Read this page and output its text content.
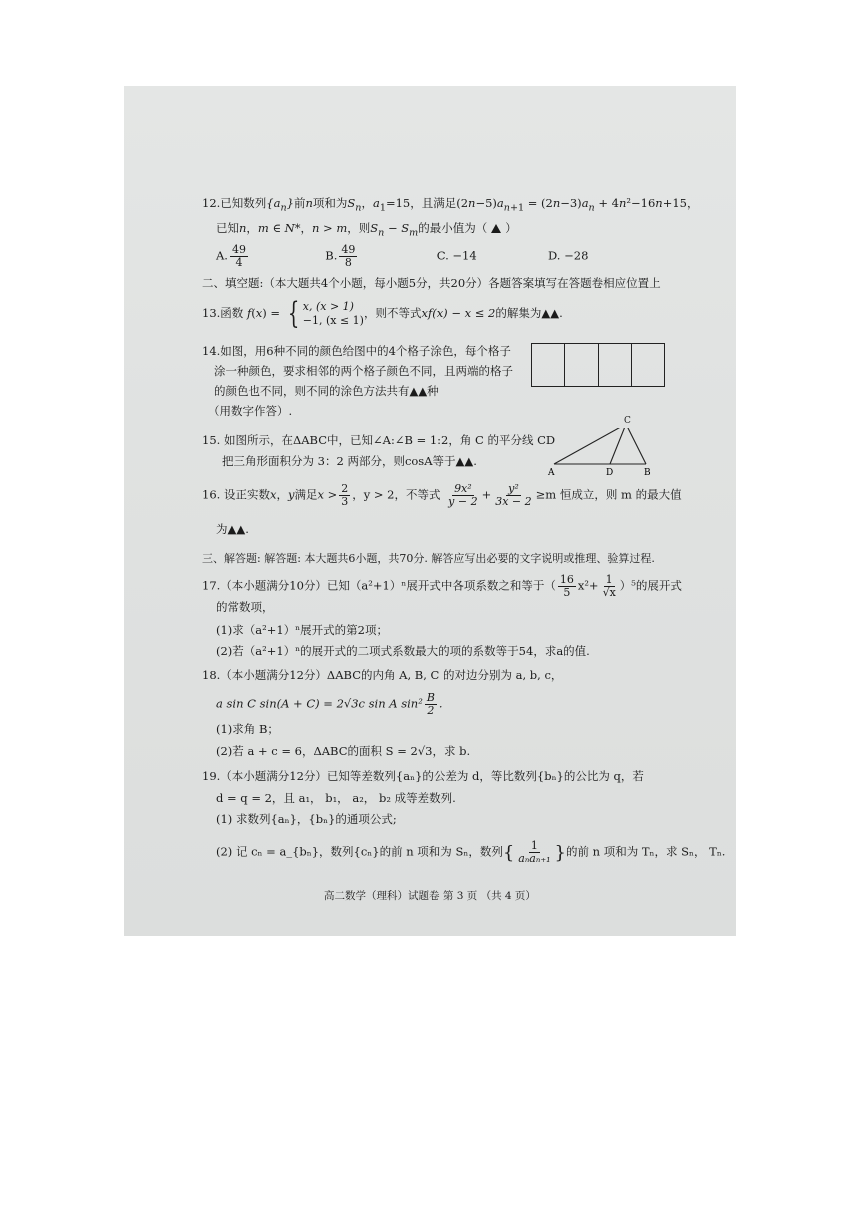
12.已知数列$\{a_n\}$前n项和为$S_n$，$a_1=15$，且满足$(2n-5)a_{n+1} = (2n-3)a_n + 4n^2-16n+15$，
已知n，m ∈ N*，n > m，则$S_n - S_m$的最小值为（ ）
A. $\frac{49}{4}$	B. $\frac{49}{8}$	C. −14	D. −28
二、填空题:（本大题共4个小题，每小题5分，共20分）各题答案填写在答题卷相应位置上
13.函数 f(x) = { x, (x > 1)
−1, (x ≤ 1)
，则不等式xf(x) − x ≤ 2的解集为▲▲.
14.如图，用6种不同的颜色给图中的4个格子涂色，每个格子
涂一种颜色，要求相邻的两个格子颜色不同，且两端的格子
的颜色也不同，则不同的涂色方法共有▲▲种
（用数字作答）.
15. 如图所示，在ΔABC中，已知∠A:∠B = 1:2，角 C 的平分线 CD
把三角形面积分为 3：2 两部分，则cosA等于▲▲.
16. 设正实数x，y满足$x > \frac{2}{3}$ ，y > 2，不等式 $\frac{\text{9x²}}{y - 2} + \frac{\text{y²}}{3x - 2} \ge m$ 恒成立，则 m 的最大值
为▲▲.
三、解答题: 解答题: 本大题共6小题，共70分. 解答应写出必要的文字说明或推理、验算过程.
17.（本小题满分10分）已知（a²+1）ⁿ展开式中各项系数之和等于（ $\frac{16}{5} x^2+ \frac{1}{√x} )^5$的展开式
的常数项，
(1)求（a²+1）ⁿ展开式的第2项；
(2)若（a²+1）ⁿ的展开式的二项式系数最大的项的系数等于54，求a的值.
18.（本小题满分12分）ΔABC的内角 A, B, C 的对边分别为 a, b, c，
a sin C sin(A + C) = 2√3c sin A $\sin^2 \frac{B}{2}$ .
(1)求角 B；
(2)若 a + c = 6，ΔABC的面积 S = 2√3，求 b.
19.（本小题满分12分）已知等差数列{aₙ}的公差为 d，等比数列{bₙ}的公比为 q，若
d = q = 2，且 a₁， b₁， a₂， b₂ 成等差数列.
(1) 求数列{aₙ}，{bₙ}的通项公式;
(2) 记 cₙ = a_{bₙ}，数列{cₙ}的前 n 项和为 Sₙ，数列{ $\frac{1}{\text{aₙaₙ₊₁}}$ }的前 n 项和为 Tₙ，求 Sₙ， Tₙ.
高二数学（理科）试题卷 第 3 页 （共 4 页）
A	D	B
C
